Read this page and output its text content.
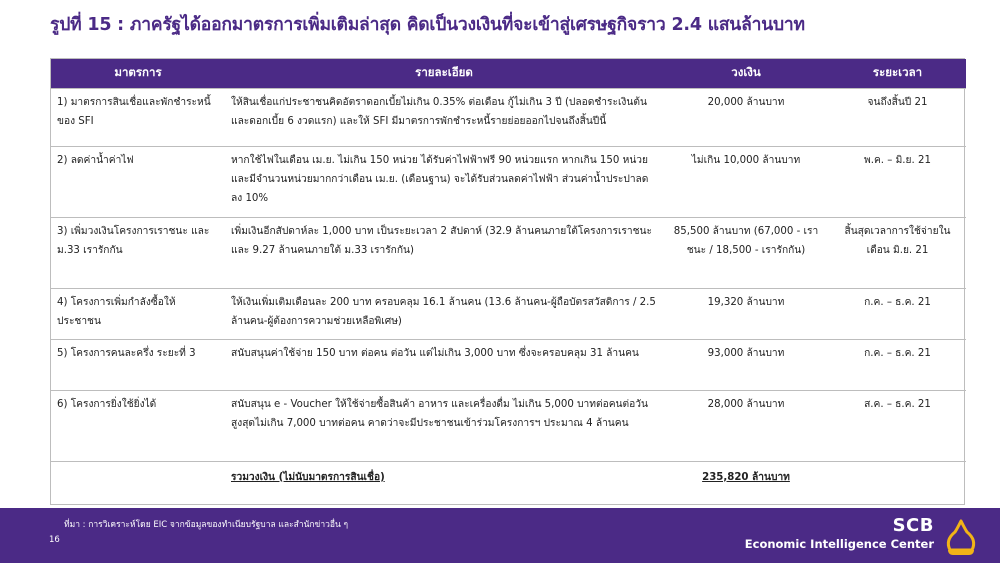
รูปที่ 15 : ภาครัฐได้ออกมาตรการเพิ่มเติมล่าสุด คิดเป็นวงเงินที่จะเข้าสู่เศรษฐกิจราว 2.4 แสนล้านบาท
มาตรการ	รายละเอียด	วงเงิน	ระยะเวลา
1) มาตรการสินเชื่อและพักชำระหนี้ของ SFI	ให้สินเชื่อแก่ประชาชนคิดอัตราดอกเบี้ยไม่เกิน 0.35% ต่อเดือน กู้ไม่เกิน 3 ปี (ปลอดชำระเงินต้นและดอกเบี้ย 6 งวดแรก) และให้ SFI มีมาตรการพักชำระหนี้รายย่อยออกไปจนถึงสิ้นปีนี้	20,000 ล้านบาท	จนถึงสิ้นปี 21
2) ลดค่าน้ำค่าไฟ	หากใช้ไฟในเดือน เม.ย. ไม่เกิน 150 หน่วย ได้รับค่าไฟฟ้าฟรี 90 หน่วยแรก หากเกิน 150 หน่วย และมีจำนวนหน่วยมากกว่าเดือน เม.ย. (เดือนฐาน) จะได้รับส่วนลดค่าไฟฟ้า ส่วนค่าน้ำประปาลดลง 10%	ไม่เกิน 10,000 ล้านบาท	พ.ค. – มิ.ย. 21
3) เพิ่มวงเงินโครงการเราชนะ และ ม.33 เรารักกัน	เพิ่มเงินอีกสัปดาห์ละ 1,000 บาท เป็นระยะเวลา 2 สัปดาห์ (32.9 ล้านคนภายใต้โครงการเราชนะ และ 9.27 ล้านคนภายใต้ ม.33 เรารักกัน)	85,500 ล้านบาท (67,000 - เราชนะ / 18,500 - เรารักกัน)	สิ้นสุดเวลาการใช้จ่ายในเดือน มิ.ย. 21
4) โครงการเพิ่มกำลังซื้อให้ประชาชน	ให้เงินเพิ่มเติมเดือนละ 200 บาท ครอบคลุม 16.1 ล้านคน (13.6 ล้านคน-ผู้ถือบัตรสวัสดิการ / 2.5 ล้านคน-ผู้ต้องการความช่วยเหลือพิเศษ)	19,320 ล้านบาท	ก.ค. – ธ.ค. 21
5) โครงการคนละครึ่ง ระยะที่ 3	สนับสนุนค่าใช้จ่าย 150 บาท ต่อคน ต่อวัน แต่ไม่เกิน 3,000 บาท ซึ่งจะครอบคลุม 31 ล้านคน	93,000 ล้านบาท	ก.ค. – ธ.ค. 21
6) โครงการยิ่งใช้ยิ่งได้	สนับสนุน e - Voucher ให้ใช้จ่ายซื้อสินค้า อาหาร และเครื่องดื่ม ไม่เกิน 5,000 บาทต่อคนต่อวัน สูงสุดไม่เกิน 7,000 บาทต่อคน คาดว่าจะมีประชาชนเข้าร่วมโครงการฯ ประมาณ 4 ล้านคน	28,000 ล้านบาท	ส.ค. – ธ.ค. 21
	รวมวงเงิน (ไม่นับมาตรการสินเชื่อ)	235,820 ล้านบาท	
ที่มา : การวิเคราะห์โดย EIC จากข้อมูลของทำเนียบรัฐบาล และสำนักข่าวอื่น ๆ
16
SCB
Economic Intelligence Center
